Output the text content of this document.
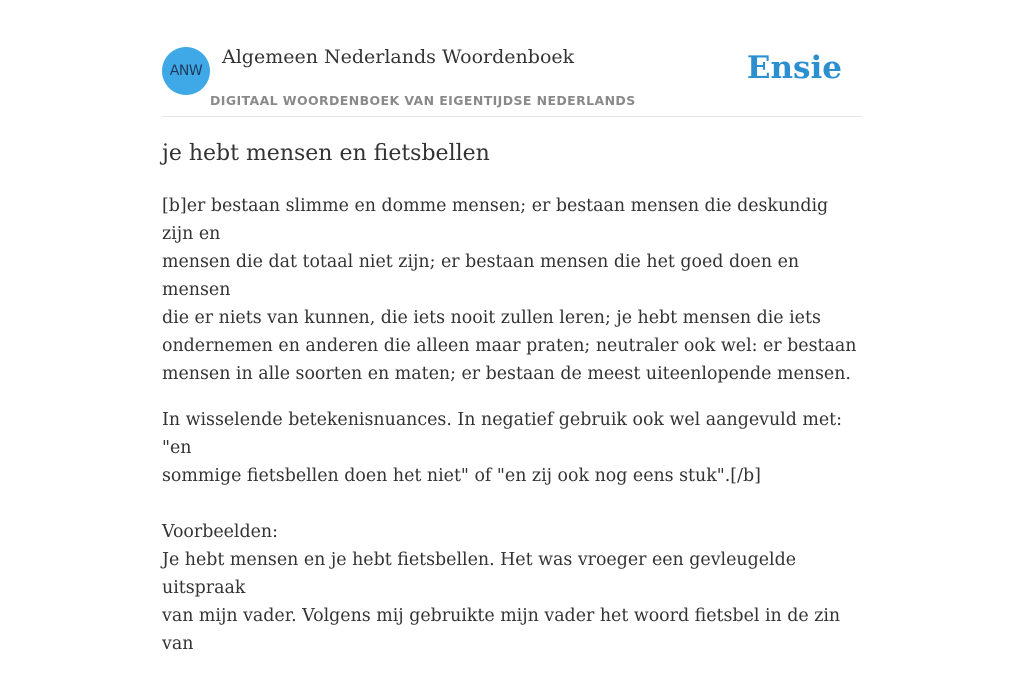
ANW
Algemeen Nederlands Woordenboek
DIGITAAL WOORDENBOEK VAN EIGENTIJDSE NEDERLANDS
Ensie
je hebt mensen en fietsbellen

[b]er bestaan slimme en domme mensen; er bestaan mensen die deskundig zijn en
mensen die dat totaal niet zijn; er bestaan mensen die het goed doen en mensen
die er niets van kunnen, die iets nooit zullen leren; je hebt mensen die iets
ondernemen en anderen die alleen maar praten; neutraler ook wel: er bestaan
mensen in alle soorten en maten; er bestaan de meest uiteenlopende mensen.

In wisselende betekenisnuances. In negatief gebruik ook wel aangevuld met: "en
sommige fietsbellen doen het niet" of "en zij ook nog eens stuk".[/b]

Voorbeelden:
Je hebt mensen en je hebt fietsbellen. Het was vroeger een gevleugelde uitspraak
van mijn vader. Volgens mij gebruikte mijn vader het woord fietsbel in de zin van
